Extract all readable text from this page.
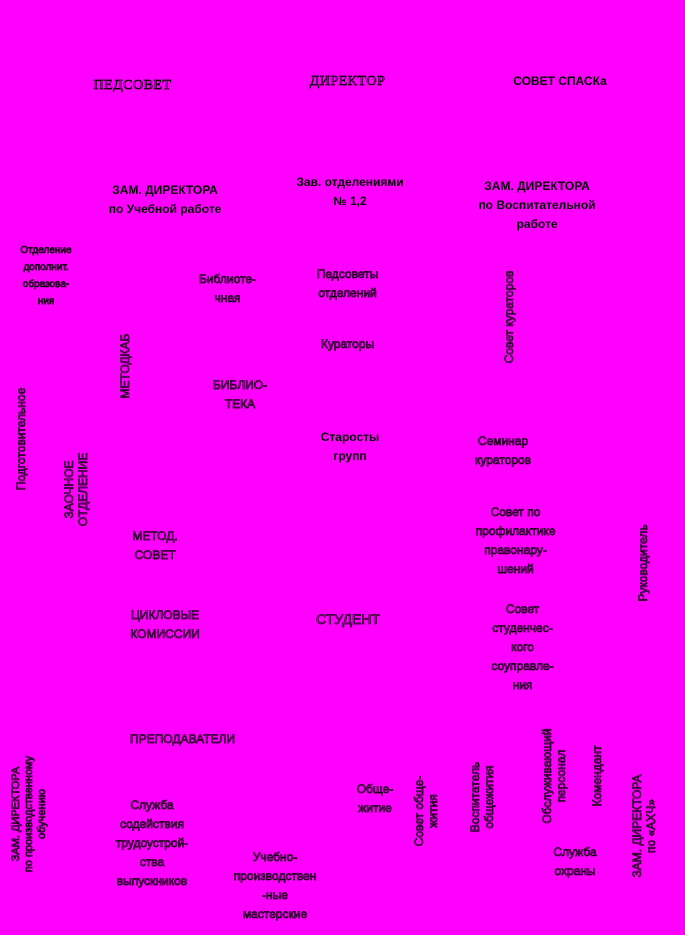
ПЕДСОВЕТ	ДИРЕКТОР	СОВЕТ СПАСКа
ЗАМ. ДИРЕКТОРА
по Учебной работе
Зав. отделениями
№ 1,2
ЗАМ. ДИРЕКТОРА
по Воспитательной
работе
Отделение
дополнит.
образова-
ния
Библиоте-
чная
МЕТОДКАБ
Подготовительное	ЗАОЧНОЕ
ОТДЕЛЕНИЕ
БИБЛИО-
ТЕКА
МЕТОД.
СОВЕТ
ЦИКЛОВЫЕ
КОМИССИИ
ПРЕПОДАВАТЕЛИ
Педсоветы
отделений
Кураторы
Старосты
групп
СТУДЕНТ
Совет кураторов
Семинар
кураторов
Совет по
профилактике
правонару-
шений	Руководитель
Совет
студенчес-
кого
соуправле-
ния
ЗАМ. ДИРЕКТОРА
по производственному
обучению	Служба
содействия
трудоустрой-
ства
выпускников
Учебно-
производствен
-ные
мастерские
Обще-
житие
Совет обще-
жития Воспитатель
общежития	Обслуживающий
персонал Комендант
Служба
охраны	ЗАМ. ДИРЕКТОРА
по «АХЧ»
